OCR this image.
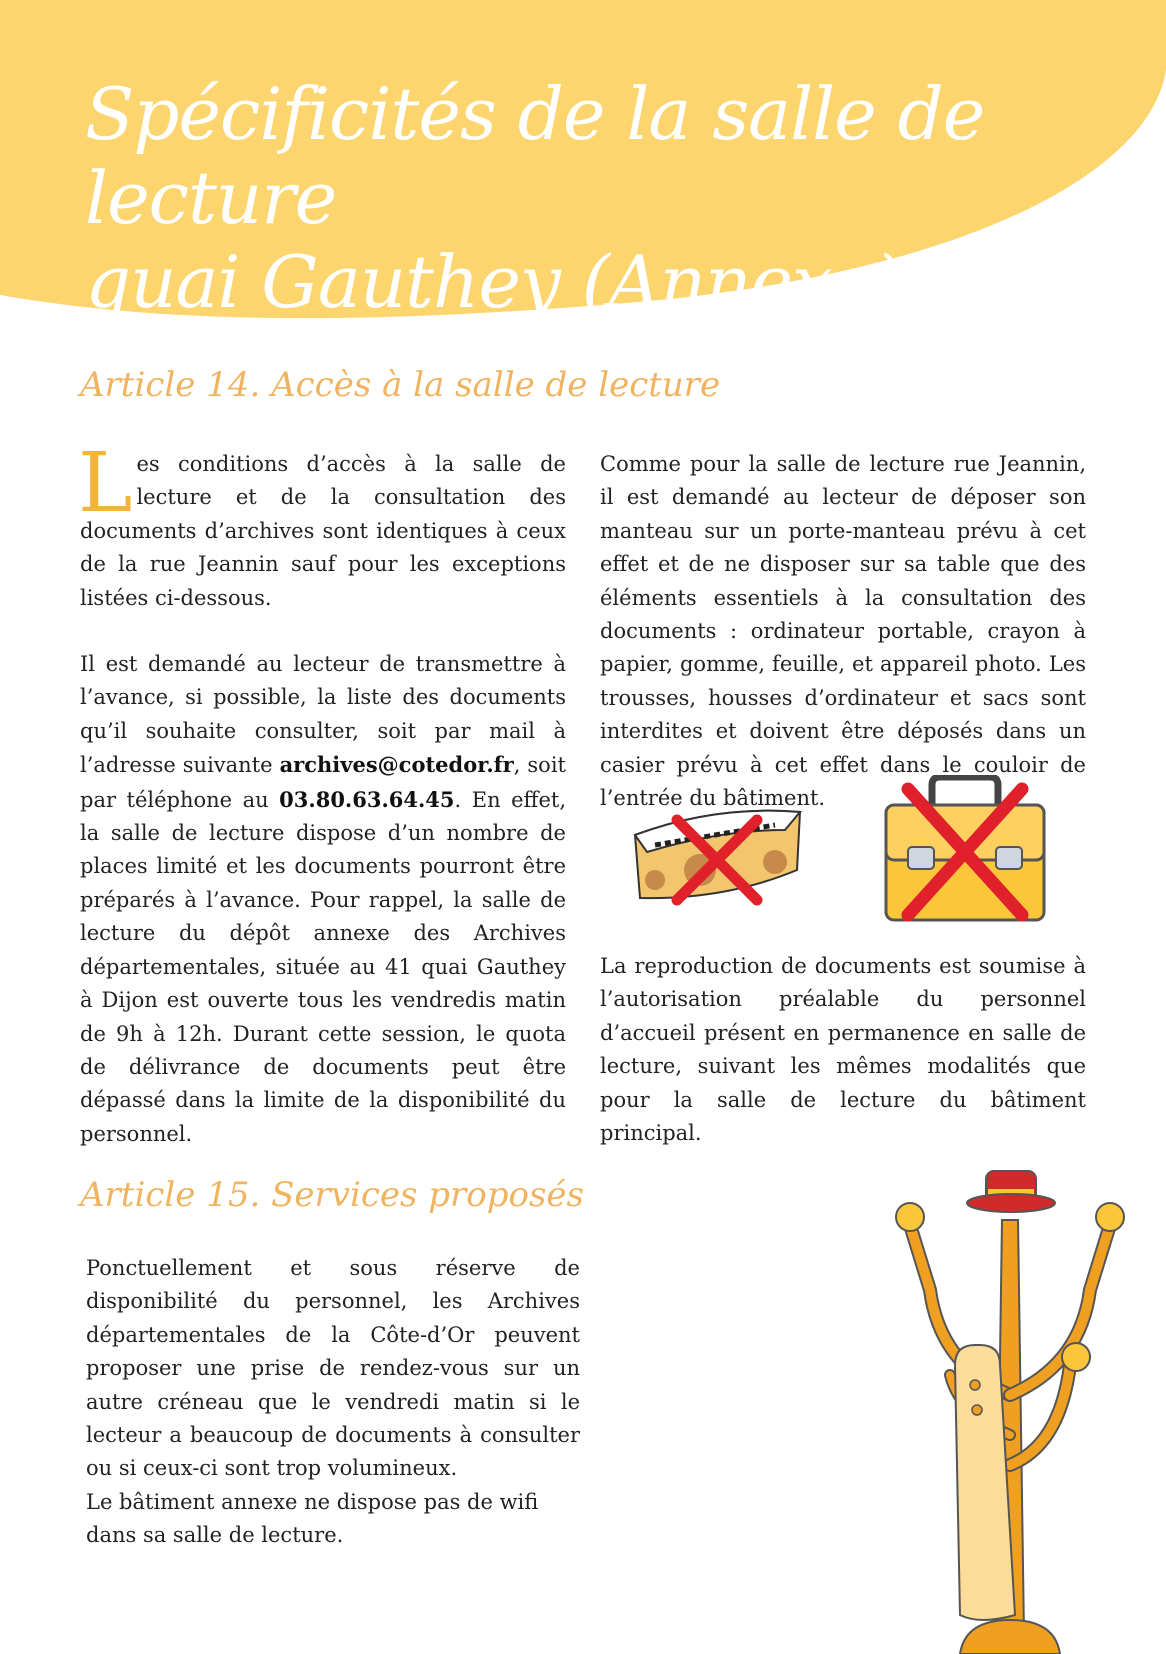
Spécificités de la salle de lecture
quai Gauthey (Annexe)
Article 14. Accès à la salle de lecture

Les conditions d’accès à la salle de lecture et de la consultation des documents d’archives sont identiques à ceux de la rue Jeannin sauf pour les exceptions listées ci-dessous.

Il est demandé au lecteur de transmettre à l’avance, si possible, la liste des documents qu’il souhaite consulter, soit par mail à l’adresse suivante archives@cotedor.fr, soit par téléphone au 03.80.63.64.45. En effet, la salle de lecture dispose d’un nombre de places limité et les documents pourront être préparés à l’avance. Pour rappel, la salle de lecture du dépôt annexe des Archives départementales, située au 41 quai Gauthey à Dijon est ouverte tous les vendredis matin de 9h à 12h. Durant cette session, le quota de délivrance de documents peut être dépassé dans la limite de la disponibilité du personnel.

Comme pour la salle de lecture rue Jeannin, il est demandé au lecteur de déposer son manteau sur un porte-manteau prévu à cet effet et de ne disposer sur sa table que des éléments essentiels à la consultation des documents : ordinateur portable, crayon à papier, gomme, feuille, et appareil photo. Les trousses, housses d’ordinateur et sacs sont interdites et doivent être déposés dans un casier prévu à cet effet dans le couloir de l’entrée du bâtiment.

La reproduction de documents est soumise à l’autorisation préalable du personnel d’accueil présent en permanence en salle de lecture, suivant les mêmes modalités que pour la salle de lecture du bâtiment principal.

Article 15. Services proposés

Ponctuellement et sous réserve de disponibilité du personnel, les Archives départementales de la Côte-d’Or peuvent proposer une prise de rendez-vous sur un autre créneau que le vendredi matin si le lecteur a beaucoup de documents à consulter ou si ceux-ci sont trop volumineux.

Le bâtiment annexe ne dispose pas de wifi dans sa salle de lecture.
